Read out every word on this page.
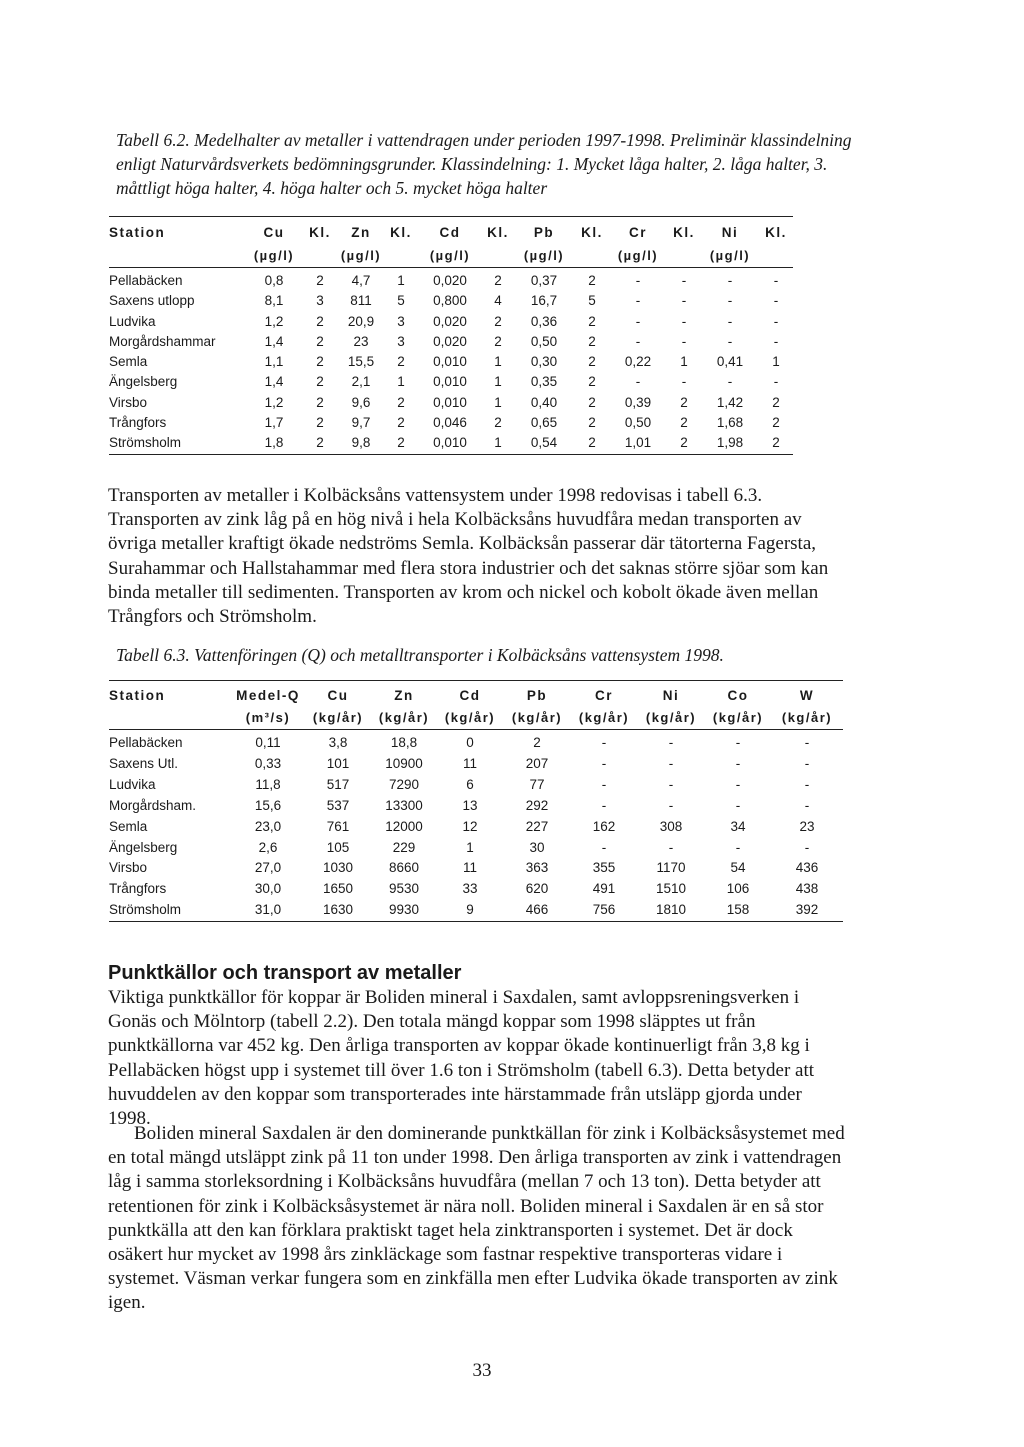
Tabell 6.2. Medelhalter av metaller i vattendragen under perioden 1997-1998. Preliminär klassindelning enligt Naturvårdsverkets bedömningsgrunder. Klassindelning: 1. Mycket låga halter, 2. låga halter, 3. måttligt höga halter, 4. höga halter och 5. mycket höga halter

Station	Cu	Kl.	Zn	Kl.	Cd	Kl.	Pb	Kl.	Cr	Kl.	Ni	Kl.
	(µg/l)		(µg/l)		(µg/l)		(µg/l)		(µg/l)		(µg/l)	
Pellabäcken	0,8	2	4,7	1	0,020	2	0,37	2	-	-	-	-
Saxens utlopp	8,1	3	811	5	0,800	4	16,7	5	-	-	-	-
Ludvika	1,2	2	20,9	3	0,020	2	0,36	2	-	-	-	-
Morgårdshammar	1,4	2	23	3	0,020	2	0,50	2	-	-	-	-
Semla	1,1	2	15,5	2	0,010	1	0,30	2	0,22	1	0,41	1
Ängelsberg	1,4	2	2,1	1	0,010	1	0,35	2	-	-	-	-
Virsbo	1,2	2	9,6	2	0,010	1	0,40	2	0,39	2	1,42	2
Trångfors	1,7	2	9,7	2	0,046	2	0,65	2	0,50	2	1,68	2
Strömsholm	1,8	2	9,8	2	0,010	1	0,54	2	1,01	2	1,98	2

Transporten av metaller i Kolbäcksåns vattensystem under 1998 redovisas i tabell 6.3. Transporten av zink låg på en hög nivå i hela Kolbäcksåns huvudfåra medan transporten av övriga metaller kraftigt ökade nedströms Semla. Kolbäcksån passerar där tätorterna Fagersta, Surahammar och Hallstahammar med flera stora industrier och det saknas större sjöar som kan binda metaller till sedimenten. Transporten av krom och nickel och kobolt ökade även mellan Trångfors och Strömsholm.

Tabell 6.3. Vattenföringen (Q) och metalltransporter i Kolbäcksåns vattensystem 1998.

Station	Medel-Q	Cu	Zn	Cd	Pb	Cr	Ni	Co	W
	(m³/s)	(kg/år)	(kg/år)	(kg/år)	(kg/år)	(kg/år)	(kg/år)	(kg/år)	(kg/år)
Pellabäcken	0,11	3,8	18,8	0	2	-	-	-	-
Saxens Utl.	0,33	101	10900	11	207	-	-	-	-
Ludvika	11,8	517	7290	6	77	-	-	-	-
Morgårdsham.	15,6	537	13300	13	292	-	-	-	-
Semla	23,0	761	12000	12	227	162	308	34	23
Ängelsberg	2,6	105	229	1	30	-	-	-	-
Virsbo	27,0	1030	8660	11	363	355	1170	54	436
Trångfors	30,0	1650	9530	33	620	491	1510	106	438
Strömsholm	31,0	1630	9930	9	466	756	1810	158	392
Punktkällor och transport av metaller

Viktiga punktkällor för koppar är Boliden mineral i Saxdalen, samt avloppsreningsverken i Gonäs och Mölntorp (tabell 2.2). Den totala mängd koppar som 1998 släpptes ut från punktkällorna var 452 kg. Den årliga transporten av koppar ökade kontinuerligt från 3,8 kg i Pellabäcken högst upp i systemet till över 1.6 ton i Strömsholm (tabell 6.3). Detta betyder att huvuddelen av den koppar som transporterades inte härstammade från utsläpp gjorda under 1998.

Boliden mineral Saxdalen är den dominerande punktkällan för zink i Kolbäcksåsystemet med en total mängd utsläppt zink på 11 ton under 1998. Den årliga transporten av zink i vattendragen låg i samma storleksordning i Kolbäcksåns huvudfåra (mellan 7 och 13 ton). Detta betyder att retentionen för zink i Kolbäcksåsystemet är nära noll. Boliden mineral i Saxdalen är en så stor punktkälla att den kan förklara praktiskt taget hela zinktransporten i systemet. Det är dock osäkert hur mycket av 1998 års zinkläckage som fastnar respektive transporteras vidare i systemet. Väsman verkar fungera som en zinkfälla men efter Ludvika ökade transporten av zink igen.

33
